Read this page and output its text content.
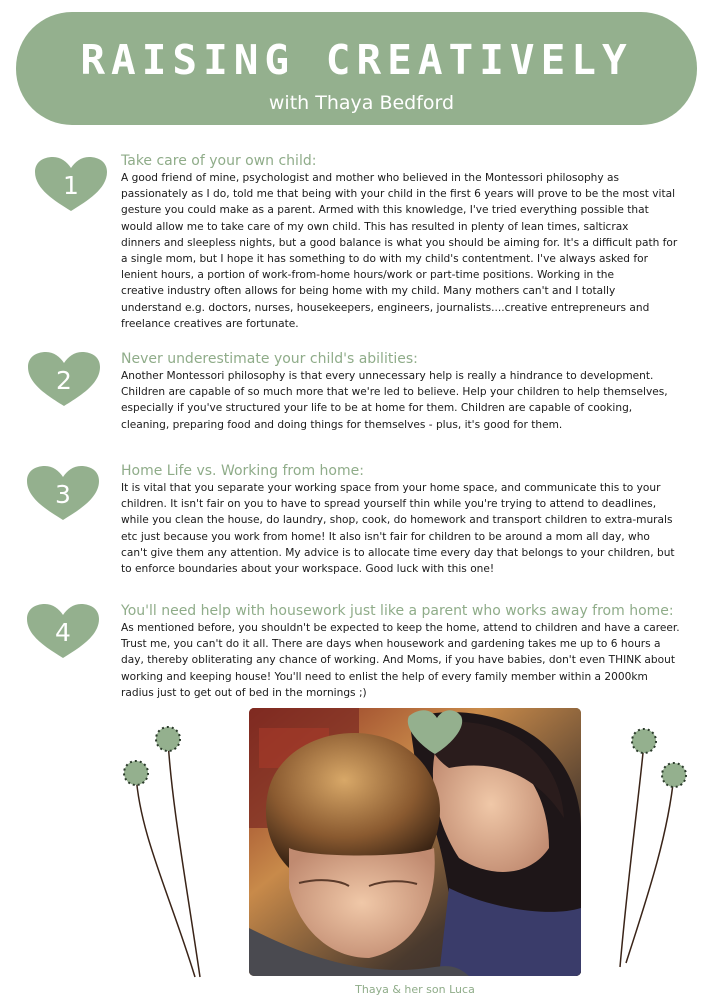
RAISING CREATIVELY
with Thaya Bedford
1
2
3
4
Take care of your own child:
A good friend of mine, psychologist and mother who believed in the Montessori philosophy as
passionately as I do, told me that being with your child in the first 6 years will prove to be the most vital
gesture you could make as a parent. Armed with this knowledge, I've tried everything possible that
would allow me to take care of my own child. This has resulted in plenty of lean times, salticrax
dinners and sleepless nights, but a good balance is what you should be aiming for. It's a difficult path for
a single mom, but I hope it has something to do with my child's contentment. I've always asked for
lenient hours, a portion of work-from-home hours/work or part-time positions. Working in the
creative industry often allows for being home with my child. Many mothers can't and I totally
understand e.g. doctors, nurses, housekeepers, engineers, journalists....creative entrepreneurs and
freelance creatives are fortunate.
Never underestimate your child's abilities:
Another Montessori philosophy is that every unnecessary help is really a hindrance to development.
Children are capable of so much more that we're led to believe. Help your children to help themselves,
especially if you've structured your life to be at home for them. Children are capable of cooking,
cleaning, preparing food and doing things for themselves - plus, it's good for them.
Home Life vs. Working from home:
It is vital that you separate your working space from your home space, and communicate this to your
children. It isn't fair on you to have to spread yourself thin while you're trying to attend to deadlines,
while you clean the house, do laundry, shop, cook, do homework and transport children to extra-murals
etc just because you work from home! It also isn't fair for children to be around a mom all day, who
can't give them any attention. My advice is to allocate time every day that belongs to your children, but
to enforce boundaries about your workspace. Good luck with this one!
You'll need help with housework just like a parent who works away from home:
As mentioned before, you shouldn't be expected to keep the home, attend to children and have a career.
Trust me, you can't do it all. There are days when housework and gardening takes me up to 6 hours a
day, thereby obliterating any chance of working. And Moms, if you have babies, don't even THINK about
working and keeping house! You'll need to enlist the help of every family member within a 2000km
radius just to get out of bed in the mornings ;)
Thaya & her son Luca
